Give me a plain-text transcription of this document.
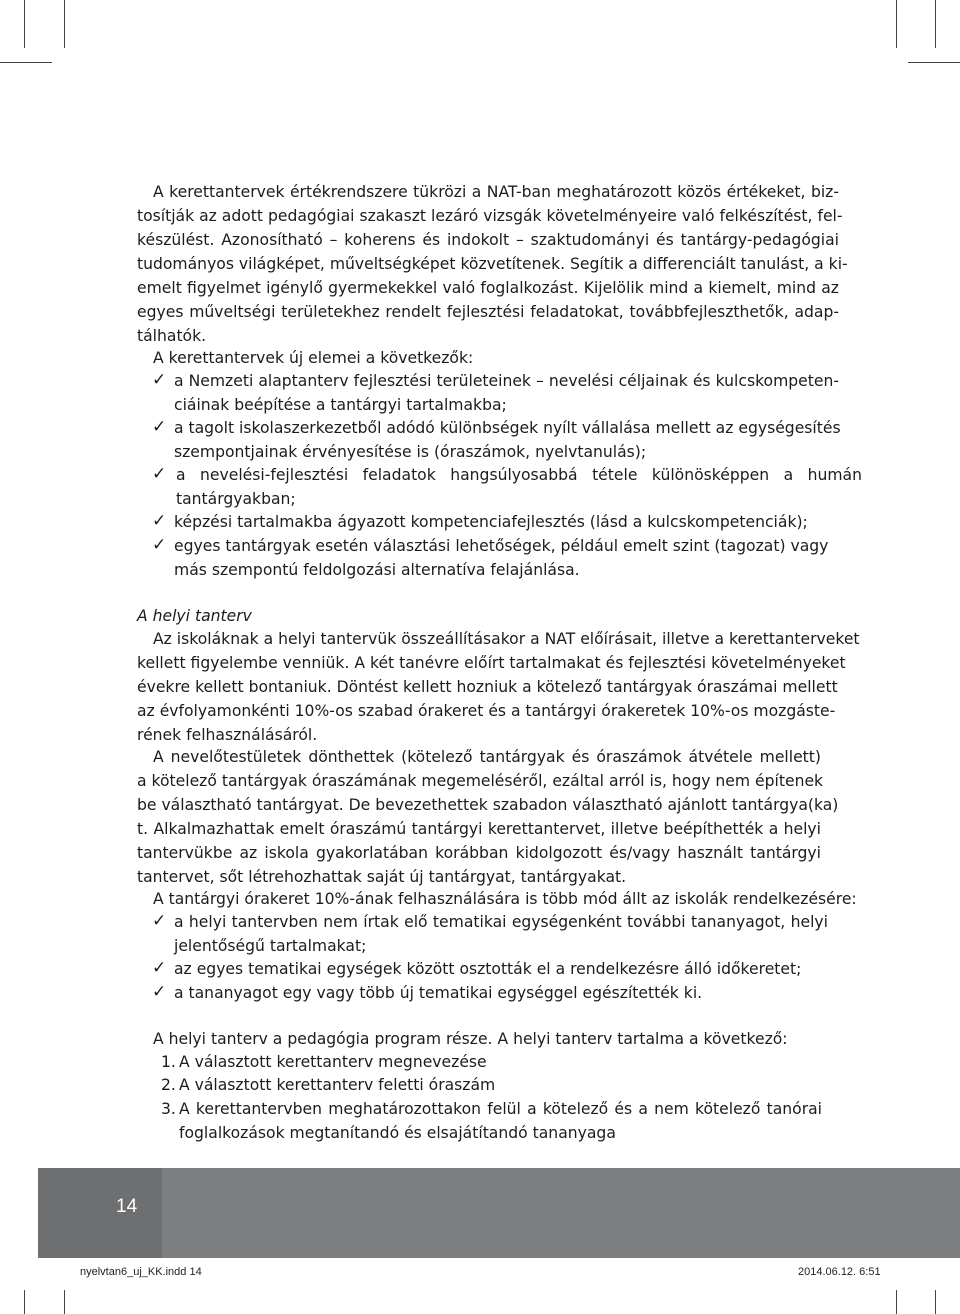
A kerettantervek értékrendszere tükrözi a NAT-ban meghatározott közös értékeket, biz-
tosítják az adott pedagógiai szakaszt lezáró vizsgák követelményeire való felkészítést, fel-
készülést. Azonosítható – koherens és indokolt – szaktudományi és tantárgy-pedagógiai
tudományos világképet, műveltségképet közvetítenek. Segítik a differenciált tanulást, a ki-
emelt figyelmet igénylő gyermekekkel való foglalkozást. Kijelölik mind a kiemelt, mind az
egyes műveltségi területekhez rendelt fejlesztési feladatokat, továbbfejleszthetők, adap-
tálhatók.
A kerettantervek új elemei a következők:
✓ a Nemzeti alaptanterv fejlesztési területeinek – nevelési céljainak és kulcskompeten-
ciáinak beépítése a tantárgyi tartalmakba;
✓ a tagolt iskolaszerkezetből adódó különbségek nyílt vállalása mellett az egységesítés
szempontjainak érvényesítése is (óraszámok, nyelvtanulás);
✓ a nevelési-fejlesztési feladatok hangsúlyosabbá tétele különösképpen a humán
tantárgyakban;
✓ képzési tartalmakba ágyazott kompetenciafejlesztés (lásd a kulcskompetenciák);
✓ egyes tantárgyak esetén választási lehetőségek, például emelt szint (tagozat) vagy
más szempontú feldolgozási alternatíva felajánlása.
A helyi tanterv
Az iskoláknak a helyi tantervük összeállításakor a NAT előírásait, illetve a kerettanterveket
kellett figyelembe venniük. A két tanévre előírt tartalmakat és fejlesztési követelményeket
évekre kellett bontaniuk. Döntést kellett hozniuk a kötelező tantárgyak óraszámai mellett
az évfolyamonkénti 10%-os szabad órakeret és a tantárgyi órakeretek 10%-os mozgáste-
rének felhasználásáról.
A nevelőtestületek dönthettek (kötelező tantárgyak és óraszámok átvétele mellett)
a kötelező tantárgyak óraszámának megemeléséről, ezáltal arról is, hogy nem építenek
be választható tantárgyat. De bevezethettek szabadon választható ajánlott tantárgya(ka)
t. Alkalmazhattak emelt óraszámú tantárgyi kerettantervet, illetve beépíthették a helyi
tantervükbe az iskola gyakorlatában korábban kidolgozott és/vagy használt tantárgyi
tantervet, sőt létrehozhattak saját új tantárgyat, tantárgyakat.
A tantárgyi órakeret 10%-ának felhasználására is több mód állt az iskolák rendelkezésére:
✓ a helyi tantervben nem írtak elő tematikai egységenként további tananyagot, helyi
jelentőségű tartalmakat;
✓ az egyes tematikai egységek között osztották el a rendelkezésre álló időkeretet;
✓ a tananyagot egy vagy több új tematikai egységgel egészítették ki.
A helyi tanterv a pedagógia program része. A helyi tanterv tartalma a következő:
1. A választott kerettanterv megnevezése
2. A választott kerettanterv feletti óraszám
3. A kerettantervben meghatározottakon felül a kötelező és a nem kötelező tanórai
foglalkozások megtanítandó és elsajátítandó tananyaga
14
nyelvtan6_uj_KK.indd 14	2014.06.12. 6:51
